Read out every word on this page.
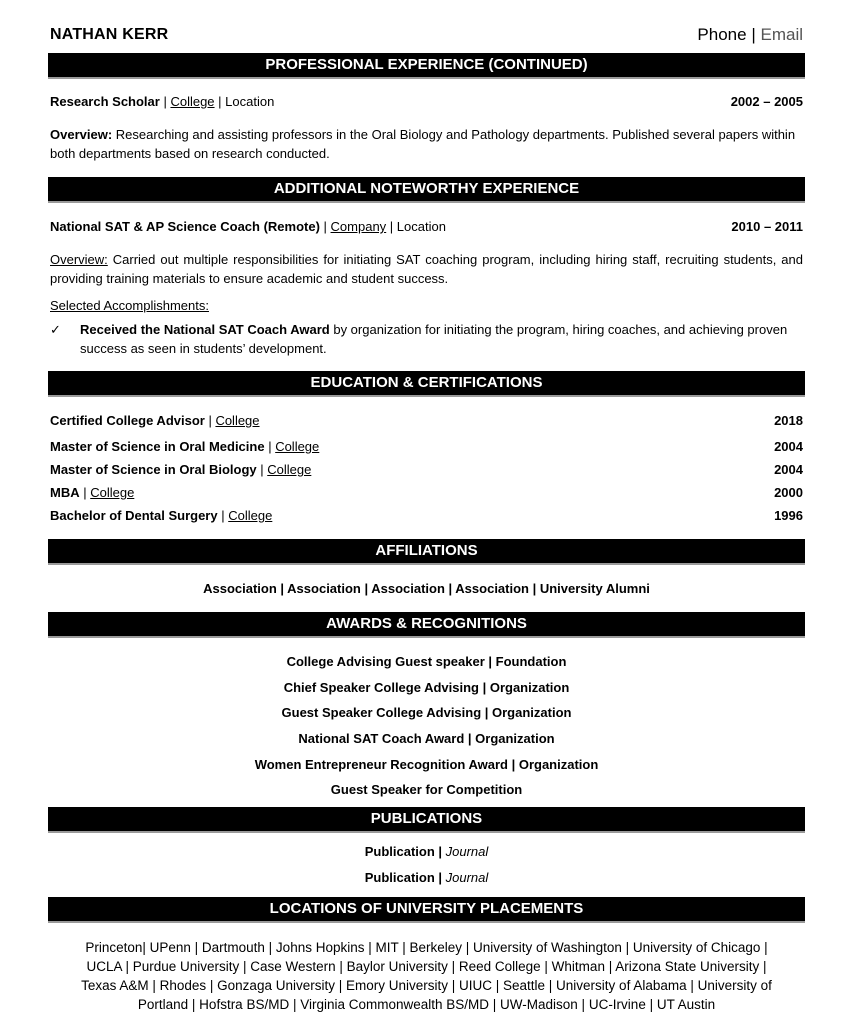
NATHAN KERR	Phone | Email
PROFESSIONAL EXPERIENCE (CONTINUED)
Research Scholar | College | Location	2002 – 2005
Overview: Researching and assisting professors in the Oral Biology and Pathology departments. Published several papers within both departments based on research conducted.
ADDITIONAL NOTEWORTHY EXPERIENCE
National SAT & AP Science Coach (Remote) | Company | Location	2010 – 2011
Overview: Carried out multiple responsibilities for initiating SAT coaching program, including hiring staff, recruiting students, and providing training materials to ensure academic and student success.
Selected Accomplishments:
✓ Received the National SAT Coach Award by organization for initiating the program, hiring coaches, and achieving proven success as seen in students’ development.
EDUCATION & CERTIFICATIONS
Certified College Advisor | College	2018
Master of Science in Oral Medicine | College	2004
Master of Science in Oral Biology | College	2004
MBA | College	2000
Bachelor of Dental Surgery | College	1996
AFFILIATIONS
Association | Association | Association | Association | University Alumni
AWARDS & RECOGNITIONS
College Advising Guest speaker | Foundation
Chief Speaker College Advising | Organization
Guest Speaker College Advising | Organization
National SAT Coach Award | Organization
Women Entrepreneur Recognition Award | Organization
Guest Speaker for Competition
PUBLICATIONS
Publication | Journal
Publication | Journal
LOCATIONS OF UNIVERSITY PLACEMENTS
Princeton| UPenn | Dartmouth | Johns Hopkins | MIT | Berkeley | University of Washington | University of Chicago |
UCLA | Purdue University | Case Western | Baylor University | Reed College | Whitman | Arizona State University |
Texas A&M | Rhodes | Gonzaga University | Emory University | UIUC | Seattle | University of Alabama | University of
Portland | Hofstra BS/MD | Virginia Commonwealth BS/MD | UW-Madison | UC-Irvine | UT Austin
